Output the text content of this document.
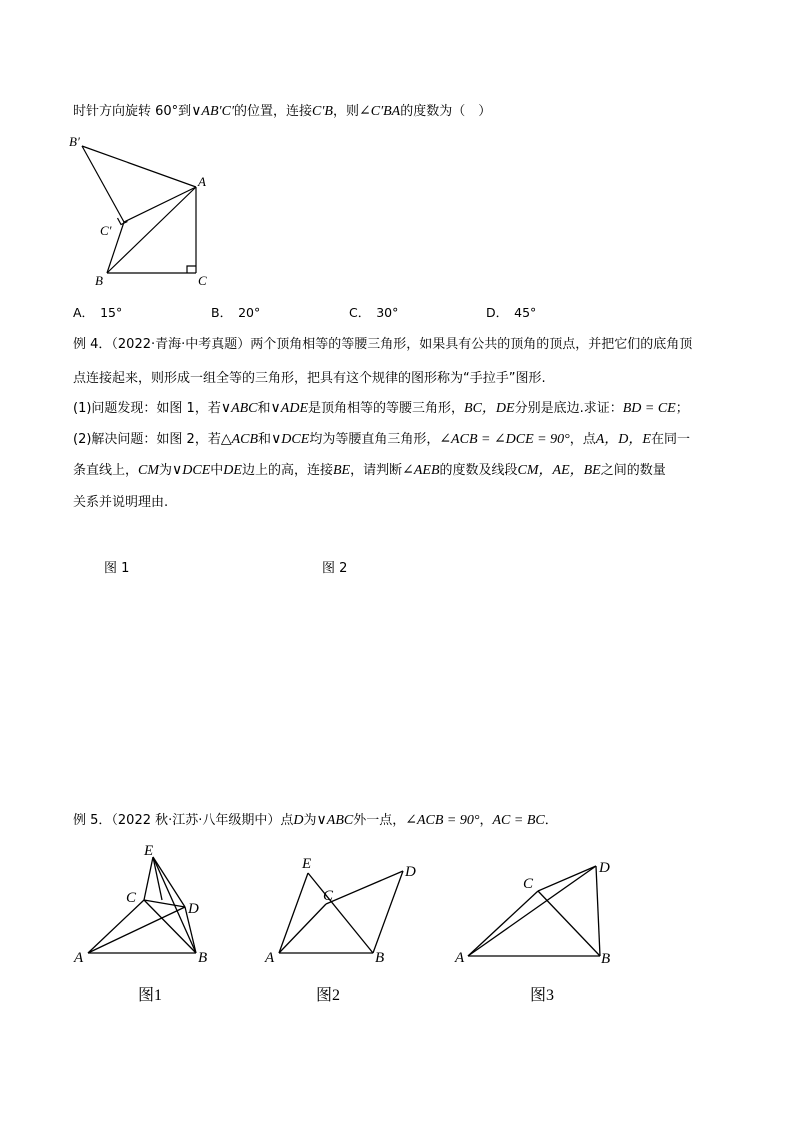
时针方向旋转 60°到∨AB′C′的位置，连接C′B，则∠C′BA的度数为（　）
B′
A
C′
B	C
A． 15°	B． 20°	C． 30°	D． 45°
例 4．（2022·青海·中考真题）两个顶角相等的等腰三角形，如果具有公共的顶角的顶点，并把它们的底角顶
点连接起来，则形成一组全等的三角形，把具有这个规律的图形称为“手拉手”图形.
(1)问题发现：如图 1，若∨ABC和∨ADE是顶角相等的等腰三角形，BC，DE分别是底边.求证：BD = CE；
(2)解决问题：如图 2，若△ACB和∨DCE均为等腰直角三角形，∠ACB = ∠DCE = 90°，点A，D，E在同一
条直线上，CM为∨DCE中DE边上的高，连接BE，请判断∠AEB的度数及线段CM，AE，BE之间的数量
关系并说明理由.
图 1	图 2
例 5．（2022 秋·江苏·八年级期中）点D为∨ABC外一点，∠ACB = 90°，AC = BC．
E
C
D
A	B
E
C
D
A	B
C
D
A	B
图1	图2	图3
